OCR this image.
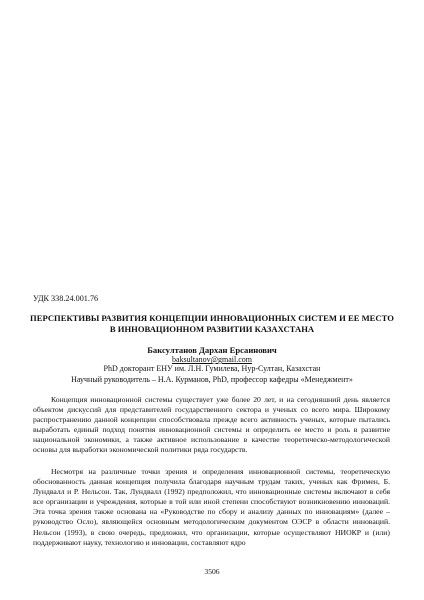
УДК 338.24.001.76
ПЕРСПЕКТИВЫ РАЗВИТИЯ КОНЦЕПЦИИ ИННОВАЦИОННЫХ СИСТЕМ И ЕЕ МЕСТО В ИННОВАЦИОННОМ РАЗВИТИИ КАЗАХСТАНА
Баксултанов Дархан Ерсаинович
baksultanov@gmail.com
PhD докторант ЕНУ им. Л.Н. Гумилева, Нур-Султан, Казахстан
Научный руководитель – Н.А. Курманов, PhD, профессор кафедры «Менеджмент»

Концепция инновационной системы существует уже более 20 лет, и на сегодняшний день является объектом дискуссий для представителей государственного сектора и ученых со всего мира. Широкому распространению данной концепции способствовала прежде всего активность ученых, которые пытались выработать единый подход понятия инновационной системы и определить ее место и роль в развитие национальной экономики, а также активное использование в качестве теоретическо-методологической основы для выработки экономической политики ряда государств.

Несмотря на различные точки зрения и определения инновационной системы, теоретическую обоснованность данная концепция получила благодаря научным трудам таких, ученых как Фримен, Б. Лундвалл и Р. Нельсон. Так, Лундвалл (1992) предположил, что инновационные системы включают в себя все организации и учреждения, которые в той или иной степени способствуют возникновению инноваций. Эта точка зрения также основана на «Руководстве по сбору и анализу данных по инновациям» (далее – руководство Осло), являющейся основным методологическим документом ОЭСР в области инноваций. Нельсон (1993), в свою очередь, предложил, что организации, которые осуществляют НИОКР и (или) поддерживают науку, технологию и инновации, составляют ядро

3506
